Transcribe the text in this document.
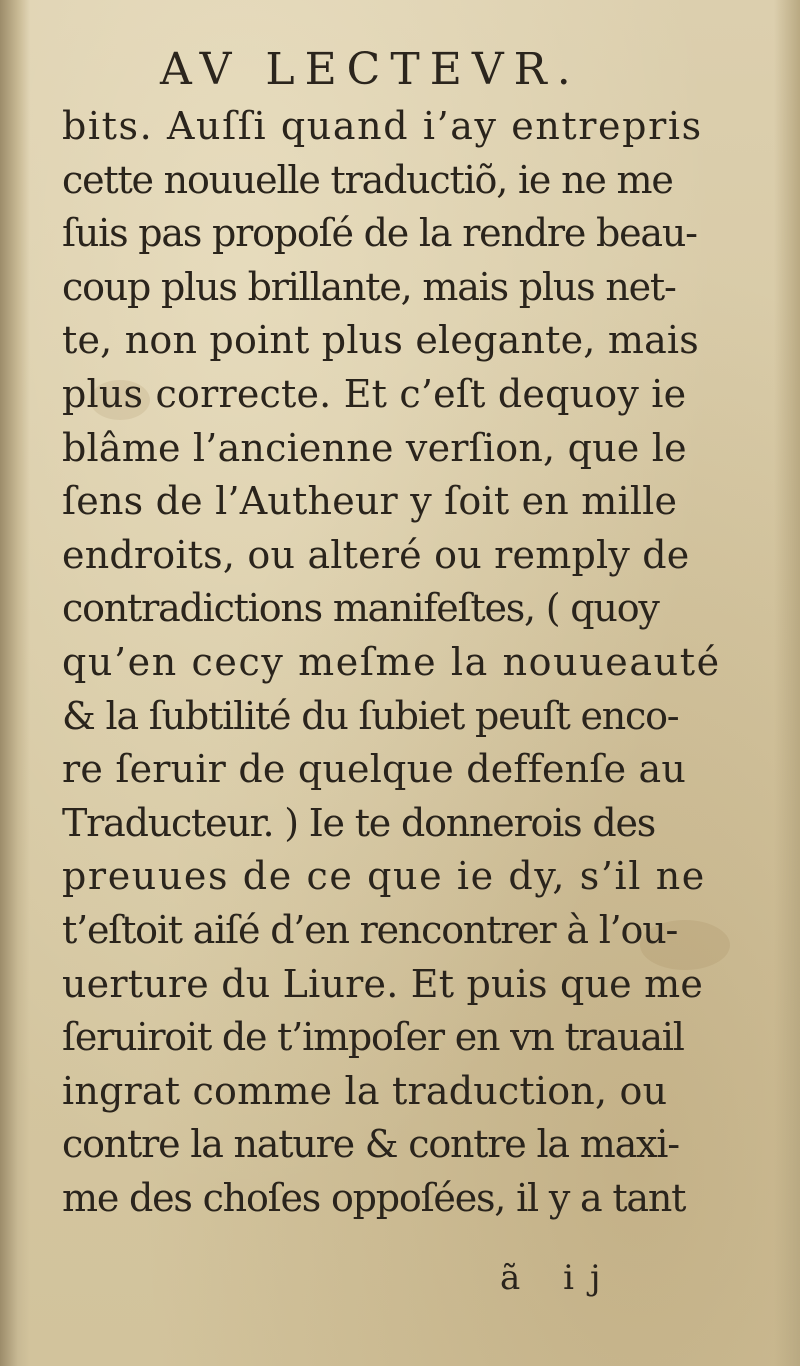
AV LECTEVR.
bits. Auſſi quand i’ay entrepris
cette nouuelle traductiõ, ie ne me
ſuis pas propoſé de la rendre beau-
coup plus brillante, mais plus net-
te, non point plus elegante, mais
plus correcte. Et c’eſt dequoy ie
blâme l’ancienne verſion, que le
ſens de l’Autheur y ſoit en mille
endroits, ou alteré ou remply de
contradictions manifeſtes, ( quoy
qu’en cecy meſme la nouueauté
& la ſubtilité du ſubiet peuſt enco-
re ſeruir de quelque deffenſe au
Traducteur. ) Ie te donnerois des
preuues de ce que ie dy, s’il ne
t’eſtoit aiſé d’en rencontrer à l’ou-
uerture du Liure. Et puis que me
ſeruiroit de t’impoſer en vn trauail
ingrat comme la traduction, ou
contre la nature & contre la maxi-
me des choſes oppoſées, il y a tant
ã ij
